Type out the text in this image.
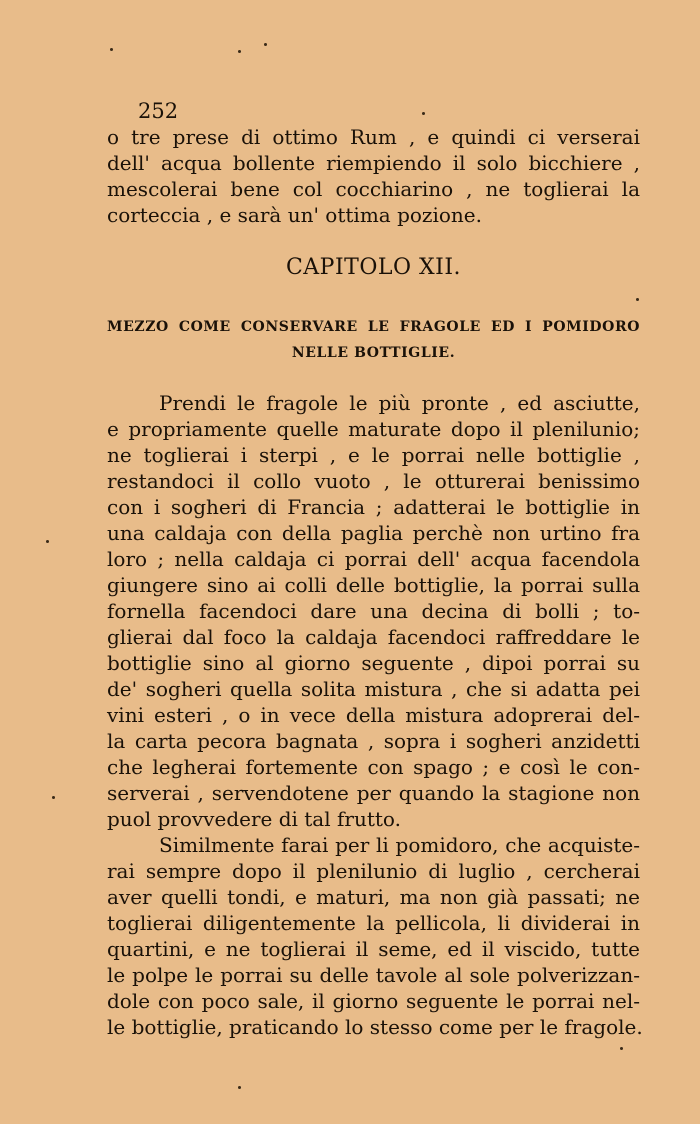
252
o tre prese di ottimo Rum , e quindi ci verserai
dell' acqua bollente riempiendo il solo bicchiere ,
mescolerai bene col cocchiarino , ne toglierai la
corteccia , e sarà un' ottima pozione.
CAPITOLO XII.
MEZZO COME CONSERVARE LE FRAGOLE ED I POMIDORO
NELLE BOTTIGLIE.
Prendi le fragole le più pronte , ed asciutte,
e propriamente quelle maturate dopo il plenilunio;
ne toglierai i sterpi , e le porrai nelle bottiglie ,
restandoci il collo vuoto , le otturerai benissimo
con i sogheri di Francia ; adatterai le bottiglie in
una caldaja con della paglia perchè non urtino fra
loro ; nella caldaja ci porrai dell' acqua facendola
giungere sino ai colli delle bottiglie, la porrai sulla
fornella facendoci dare una decina di bolli ; to-
glierai dal foco la caldaja facendoci raffreddare le
bottiglie sino al giorno seguente , dipoi porrai su
de' sogheri quella solita mistura , che si adatta pei
vini esteri , o in vece della mistura adoprerai del-
la carta pecora bagnata , sopra i sogheri anzidetti
che legherai fortemente con spago ; e così le con-
serverai , servendotene per quando la stagione non
puol provvedere di tal frutto.
Similmente farai per li pomidoro, che acquiste-
rai sempre dopo il plenilunio di luglio , cercherai
aver quelli tondi, e maturi, ma non già passati; ne
toglierai diligentemente la pellicola, li dividerai in
quartini, e ne toglierai il seme, ed il viscido, tutte
le polpe le porrai su delle tavole al sole polverizzan-
dole con poco sale, il giorno seguente le porrai nel-
le bottiglie, praticando lo stesso come per le fragole.
